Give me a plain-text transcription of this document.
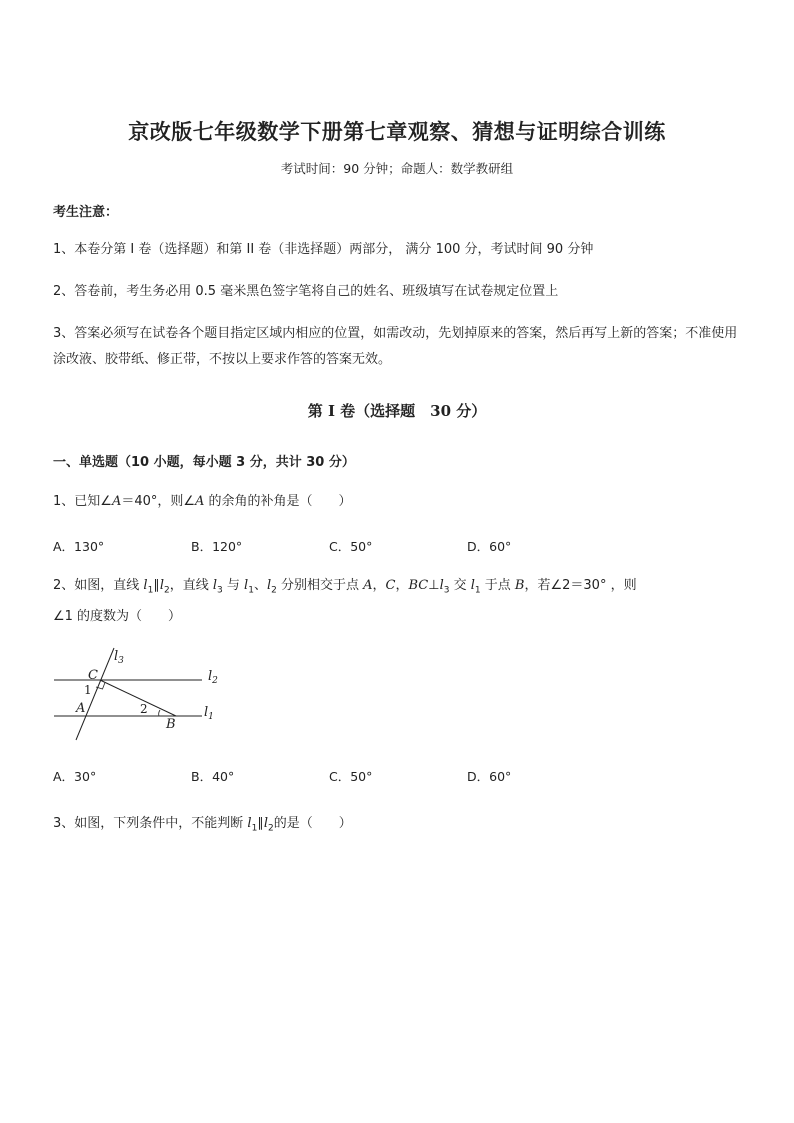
京改版七年级数学下册第七章观察、猜想与证明综合训练
考试时间：90 分钟；命题人：数学教研组
考生注意：
1、本卷分第 I 卷（选择题）和第 II 卷（非选择题）两部分， 满分 100 分，考试时间 90 分钟
2、答卷前，考生务必用 0.5 毫米黑色签字笔将自己的姓名、班级填写在试卷规定位置上
3、答案必须写在试卷各个题目指定区域内相应的位置，如需改动，先划掉原来的答案，然后再写上新的答案；不准使用涂改液、胶带纸、修正带，不按以上要求作答的答案无效。
第 I 卷（选择题　30 分）
一、单选题（10 小题，每小题 3 分，共计 30 分）
1、已知∠A＝40°，则∠A 的余角的补角是（　　）
A．130°	B．120°	C．50°	D．60°
2、如图，直线 $l_1\parallel l_2$，直线 $l_3$ 与 $l_1$、$l_2$ 分别相交于点 A，C，$BC\perp l_3$ 交 $l_1$ 于点 B，若∠2＝30° ，则
∠1 的度数为（　　）
$l_3$
$l_2$
$l_1$
C
A
B
1
2
A．30°	B．40°	C．50°	D．60°
3、如图，下列条件中，不能判断 $l_1\parallel l_2$的是（　　）
